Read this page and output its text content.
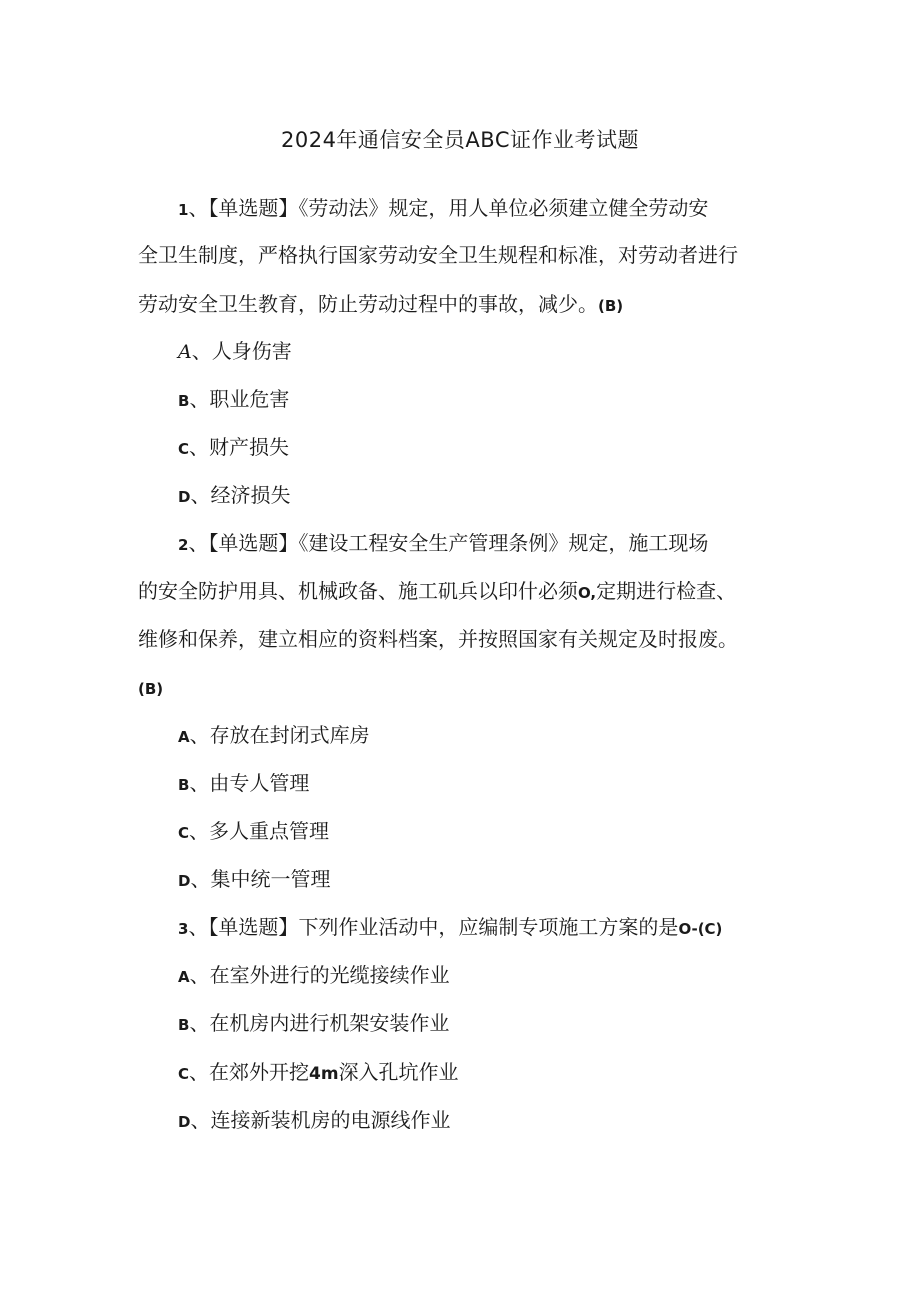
2024年通信安全员ABC证作业考试题
1、【单选题】《劳动法》规定，用人单位必须建立健全劳动安
全卫生制度，严格执行国家劳动安全卫生规程和标准，对劳动者进行
劳动安全卫生教育，防止劳动过程中的事故，减少。(B)
A、人身伤害
B、职业危害
C、财产损失
D、经济损失
2、【单选题】《建设工程安全生产管理条例》规定，施工现场
的安全防护用具、机械政备、施工矶兵以印什必须O,定期进行检查、
维修和保养，建立相应的资料档案，并按照国家有关规定及时报废。
(B)
A、存放在封闭式库房
B、由专人管理
C、多人重点管理
D、集中统一管理
3、【单选题】下列作业活动中，应编制专项施工方案的是O-(C)
A、在室外进行的光缆接续作业
B、在机房内进行机架安装作业
C、在郊外开挖4m深入孔坑作业
D、连接新装机房的电源线作业
